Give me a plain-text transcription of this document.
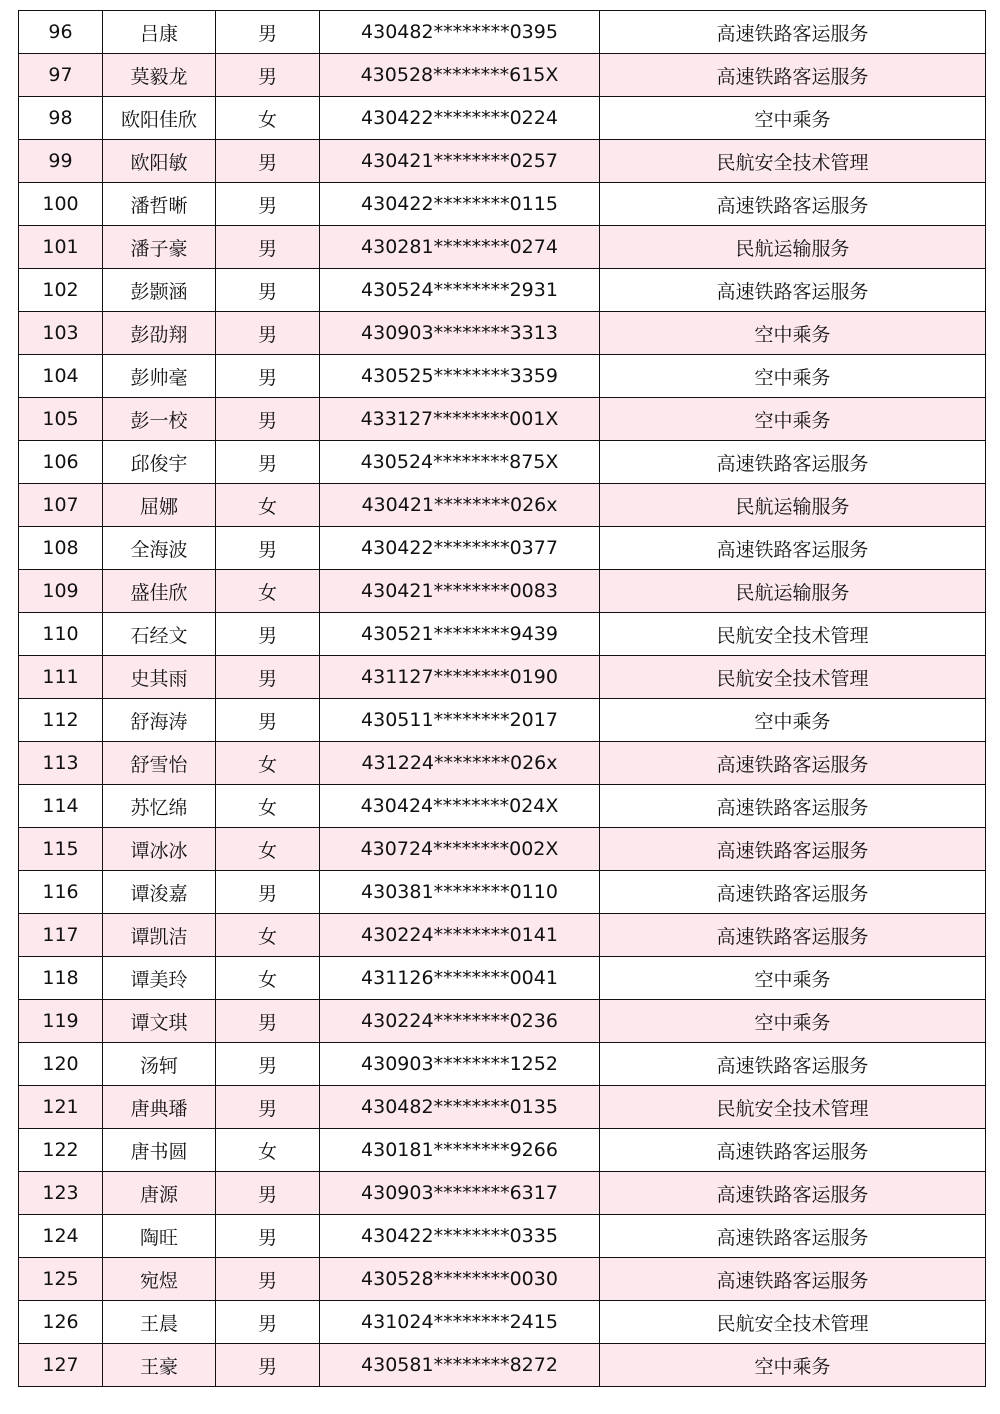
96	吕康	男	430482********0395	高速铁路客运服务
97	莫毅龙	男	430528********615X	高速铁路客运服务
98	欧阳佳欣	女	430422********0224	空中乘务
99	欧阳敏	男	430421********0257	民航安全技术管理
100	潘哲晰	男	430422********0115	高速铁路客运服务
101	潘子豪	男	430281********0274	民航运输服务
102	彭颢涵	男	430524********2931	高速铁路客运服务
103	彭劭翔	男	430903********3313	空中乘务
104	彭帅毫	男	430525********3359	空中乘务
105	彭一校	男	433127********001X	空中乘务
106	邱俊宇	男	430524********875X	高速铁路客运服务
107	屈娜	女	430421********026x	民航运输服务
108	全海波	男	430422********0377	高速铁路客运服务
109	盛佳欣	女	430421********0083	民航运输服务
110	石经文	男	430521********9439	民航安全技术管理
111	史其雨	男	431127********0190	民航安全技术管理
112	舒海涛	男	430511********2017	空中乘务
113	舒雪怡	女	431224********026x	高速铁路客运服务
114	苏忆绵	女	430424********024X	高速铁路客运服务
115	谭冰冰	女	430724********002X	高速铁路客运服务
116	谭浚嘉	男	430381********0110	高速铁路客运服务
117	谭凯洁	女	430224********0141	高速铁路客运服务
118	谭美玲	女	431126********0041	空中乘务
119	谭文琪	男	430224********0236	空中乘务
120	汤轲	男	430903********1252	高速铁路客运服务
121	唐典璠	男	430482********0135	民航安全技术管理
122	唐书圆	女	430181********9266	高速铁路客运服务
123	唐源	男	430903********6317	高速铁路客运服务
124	陶旺	男	430422********0335	高速铁路客运服务
125	宛煜	男	430528********0030	高速铁路客运服务
126	王晨	男	431024********2415	民航安全技术管理
127	王豪	男	430581********8272	空中乘务
